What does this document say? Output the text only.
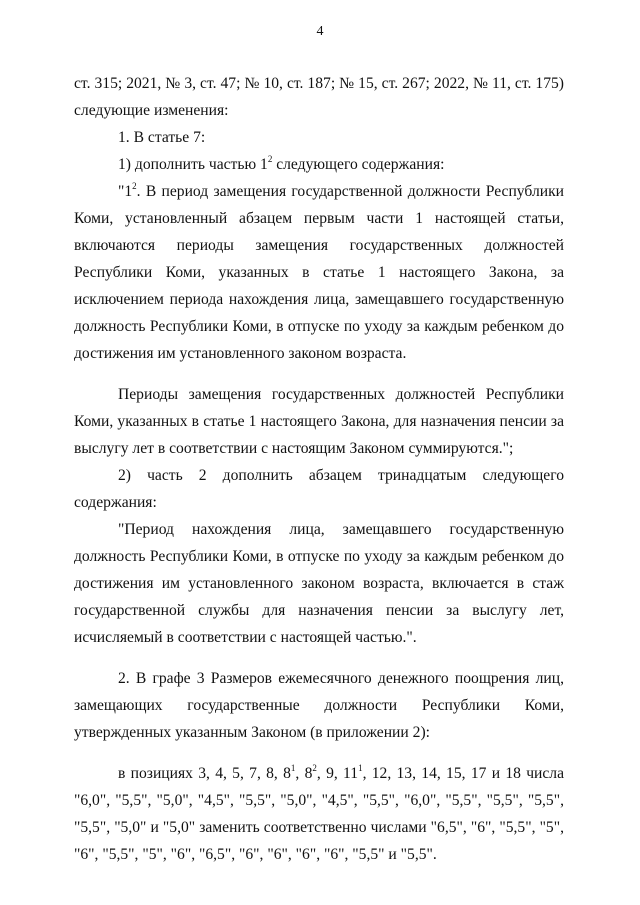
4
ст. 315; 2021, № 3, ст. 47; № 10, ст. 187; № 15, ст. 267; 2022, № 11, ст. 175)
следующие изменения:
1. В статье 7:
1) дополнить частью $1^2$ следующего содержания:
"$1^2$. В период замещения государственной должности Республики
Коми, установленный абзацем первым части 1 настоящей статьи,
включаются периоды замещения государственных должностей
Республики Коми, указанных в статье 1 настоящего Закона, за
исключением периода нахождения лица, замещавшего государственную
должность Республики Коми, в отпуске по уходу за каждым ребенком до
достижения им установленного законом возраста.
Периоды замещения государственных должностей Республики
Коми, указанных в статье 1 настоящего Закона, для назначения пенсии за
выслугу лет в соответствии с настоящим Законом суммируются.";
2) часть 2 дополнить абзацем тринадцатым следующего
содержания:
"Период нахождения лица, замещавшего государственную
должность Республики Коми, в отпуске по уходу за каждым ребенком до
достижения им установленного законом возраста, включается в стаж
государственной службы для назначения пенсии за выслугу лет,
исчисляемый в соответствии с настоящей частью.".
2. В графе 3 Размеров ежемесячного денежного поощрения лиц,
замещающих государственные должности Республики Коми,
утвержденных указанным Законом (в приложении 2):
в позициях 3, 4, 5, 7, 8, $8^1$, $8^2$, 9, $11^1$, 12, 13, 14, 15, 17 и 18 числа
"6,0", "5,5", "5,0", "4,5", "5,5", "5,0", "4,5", "5,5", "6,0", "5,5", "5,5", "5,5",
"5,5", "5,0" и "5,0" заменить соответственно числами "6,5", "6", "5,5", "5",
"6", "5,5", "5", "6", "6,5", "6", "6", "6", "6", "5,5" и "5,5".
